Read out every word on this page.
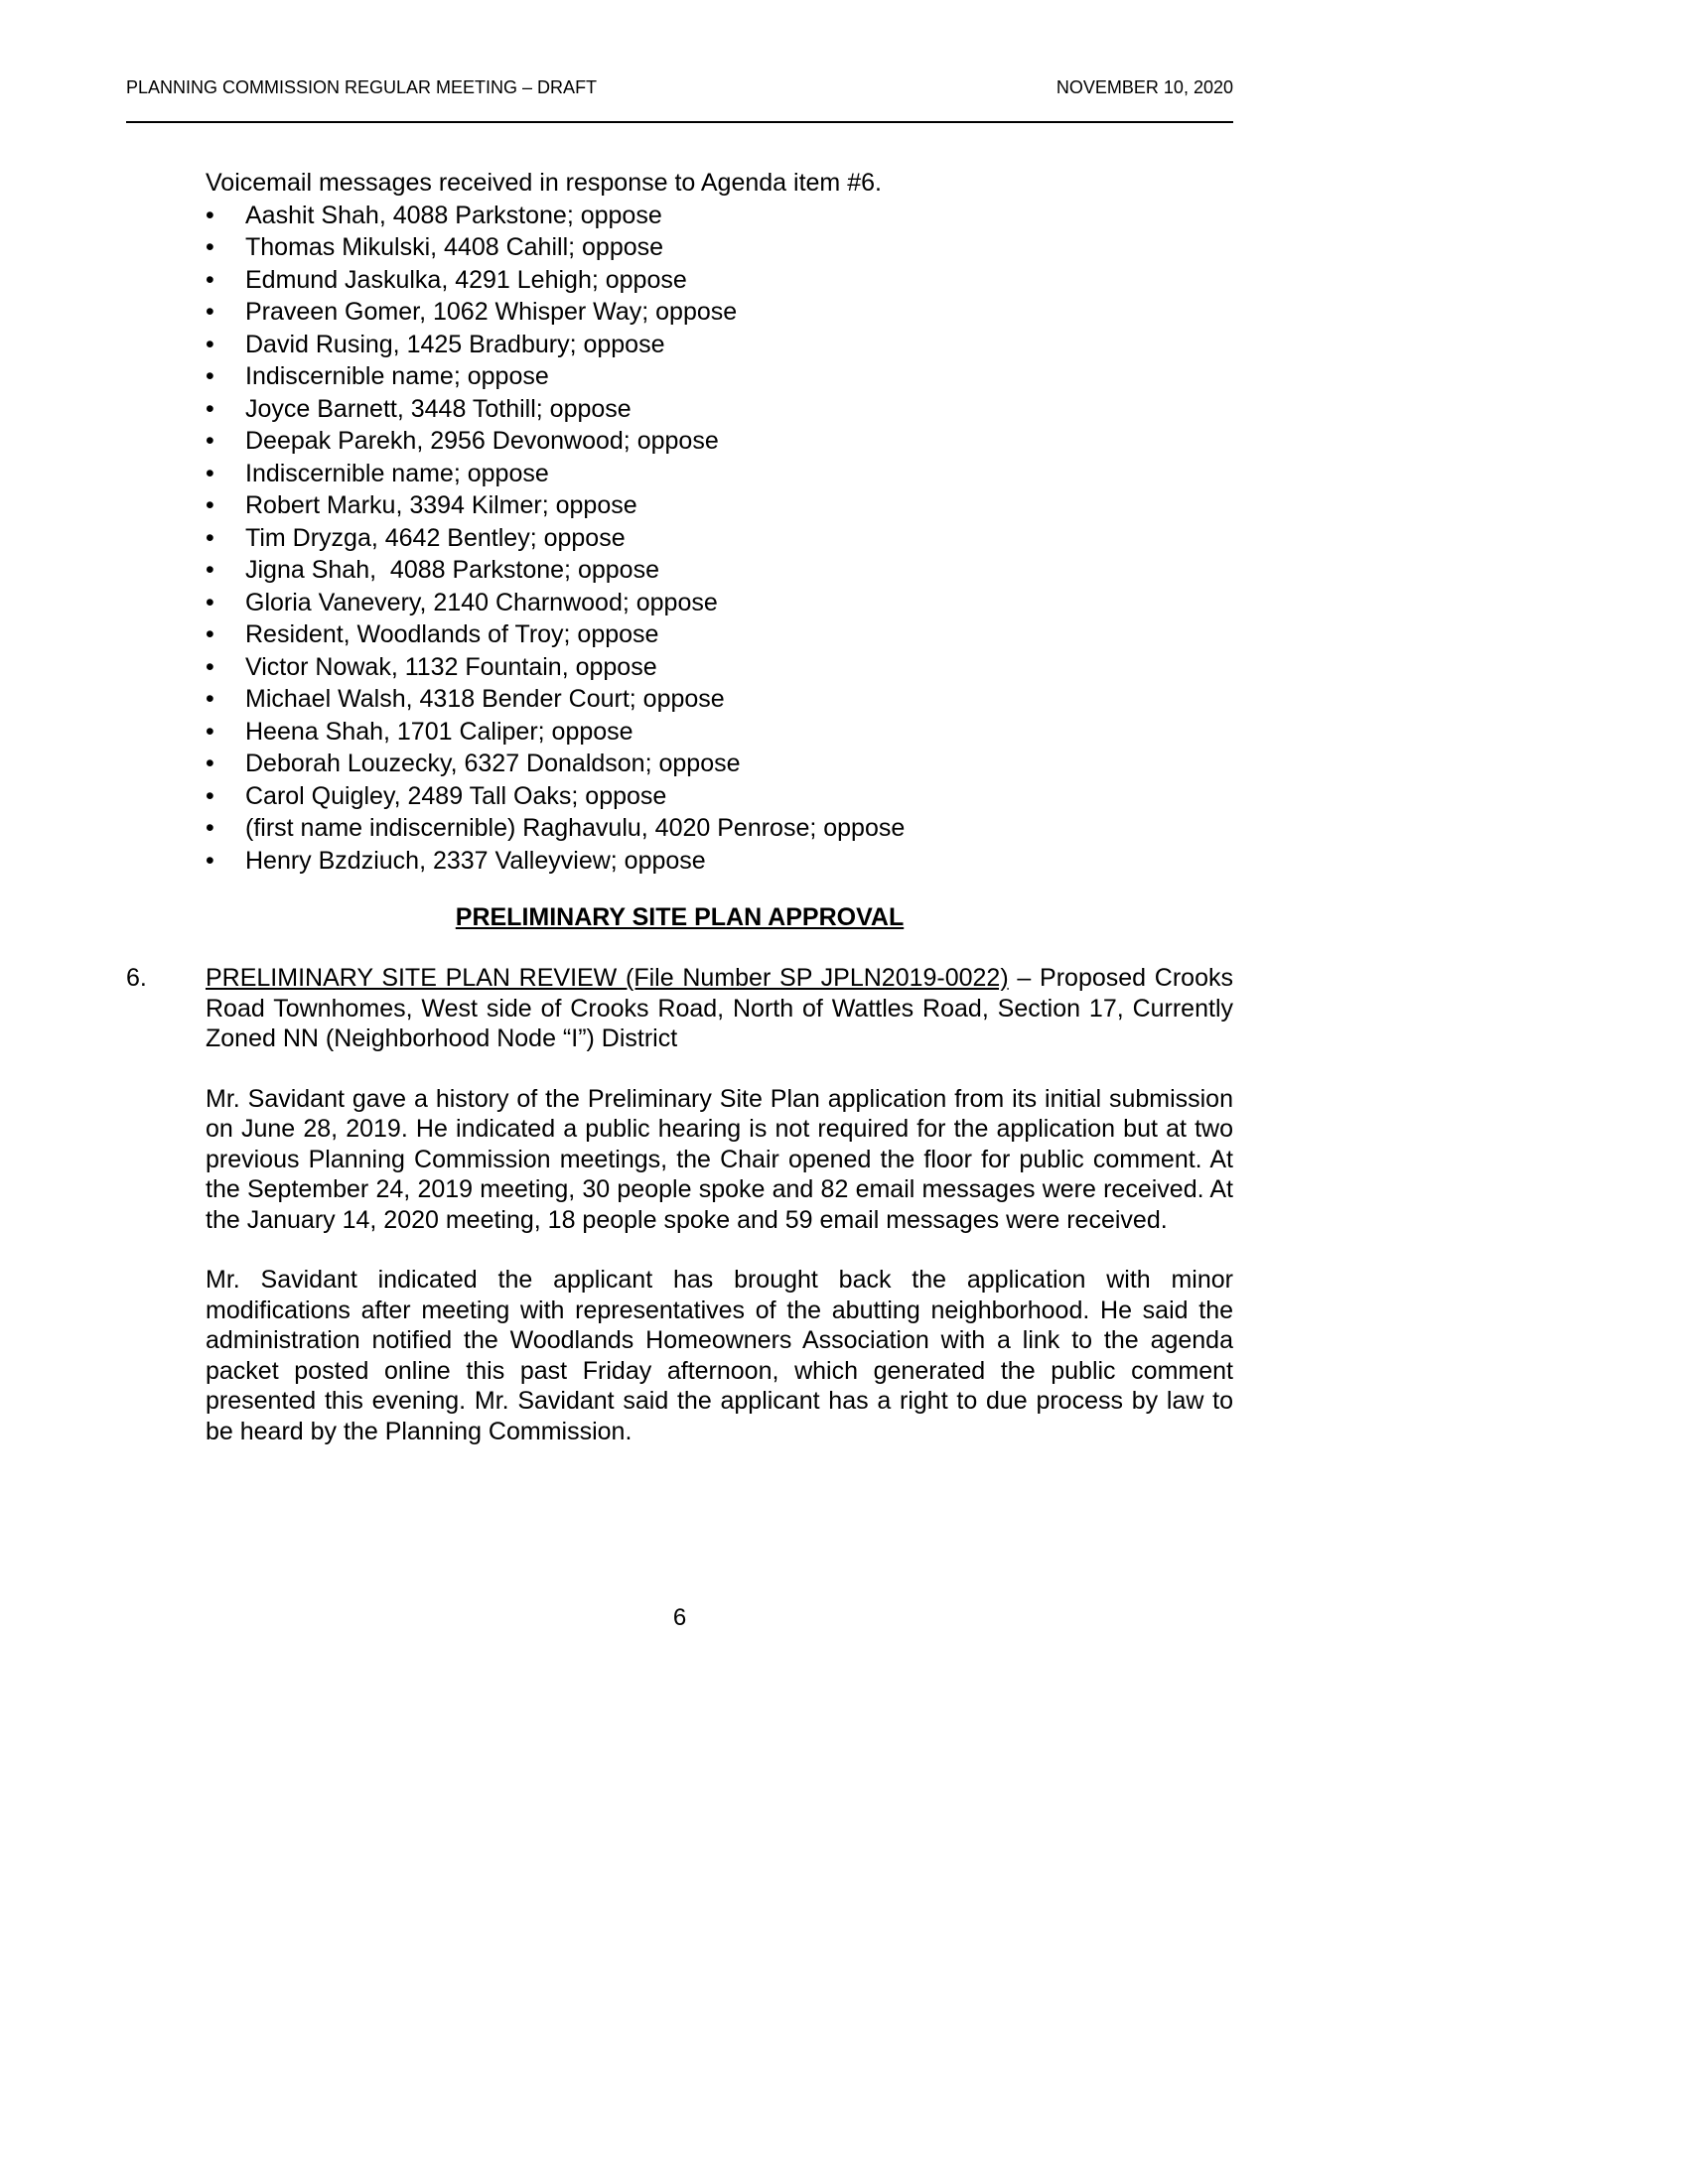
PLANNING COMMISSION REGULAR MEETING – DRAFT	NOVEMBER 10, 2020

Voicemail messages received in response to Agenda item #6.

• Aashit Shah, 4088 Parkstone; oppose
• Thomas Mikulski, 4408 Cahill; oppose
• Edmund Jaskulka, 4291 Lehigh; oppose
• Praveen Gomer, 1062 Whisper Way; oppose
• David Rusing, 1425 Bradbury; oppose
• Indiscernible name; oppose
• Joyce Barnett, 3448 Tothill; oppose
• Deepak Parekh, 2956 Devonwood; oppose
• Indiscernible name; oppose
• Robert Marku, 3394 Kilmer; oppose
• Tim Dryzga, 4642 Bentley; oppose
• Jigna Shah,  4088 Parkstone; oppose
• Gloria Vanevery, 2140 Charnwood; oppose
• Resident, Woodlands of Troy; oppose
• Victor Nowak, 1132 Fountain, oppose
• Michael Walsh, 4318 Bender Court; oppose
• Heena Shah, 1701 Caliper; oppose
• Deborah Louzecky, 6327 Donaldson; oppose
• Carol Quigley, 2489 Tall Oaks; oppose
• (first name indiscernible) Raghavulu, 4020 Penrose; oppose
• Henry Bzdziuch, 2337 Valleyview; oppose
PRELIMINARY SITE PLAN APPROVAL
6. PRELIMINARY SITE PLAN REVIEW (File Number SP JPLN2019-0022) – Proposed Crooks Road Townhomes, West side of Crooks Road, North of Wattles Road, Section 17, Currently Zoned NN (Neighborhood Node “I”) District

Mr. Savidant gave a history of the Preliminary Site Plan application from its initial submission on June 28, 2019. He indicated a public hearing is not required for the application but at two previous Planning Commission meetings, the Chair opened the floor for public comment. At the September 24, 2019 meeting, 30 people spoke and 82 email messages were received. At the January 14, 2020 meeting, 18 people spoke and 59 email messages were received.

Mr. Savidant indicated the applicant has brought back the application with minor modifications after meeting with representatives of the abutting neighborhood. He said the administration notified the Woodlands Homeowners Association with a link to the agenda packet posted online this past Friday afternoon, which generated the public comment presented this evening. Mr. Savidant said the applicant has a right to due process by law to be heard by the Planning Commission.

6
